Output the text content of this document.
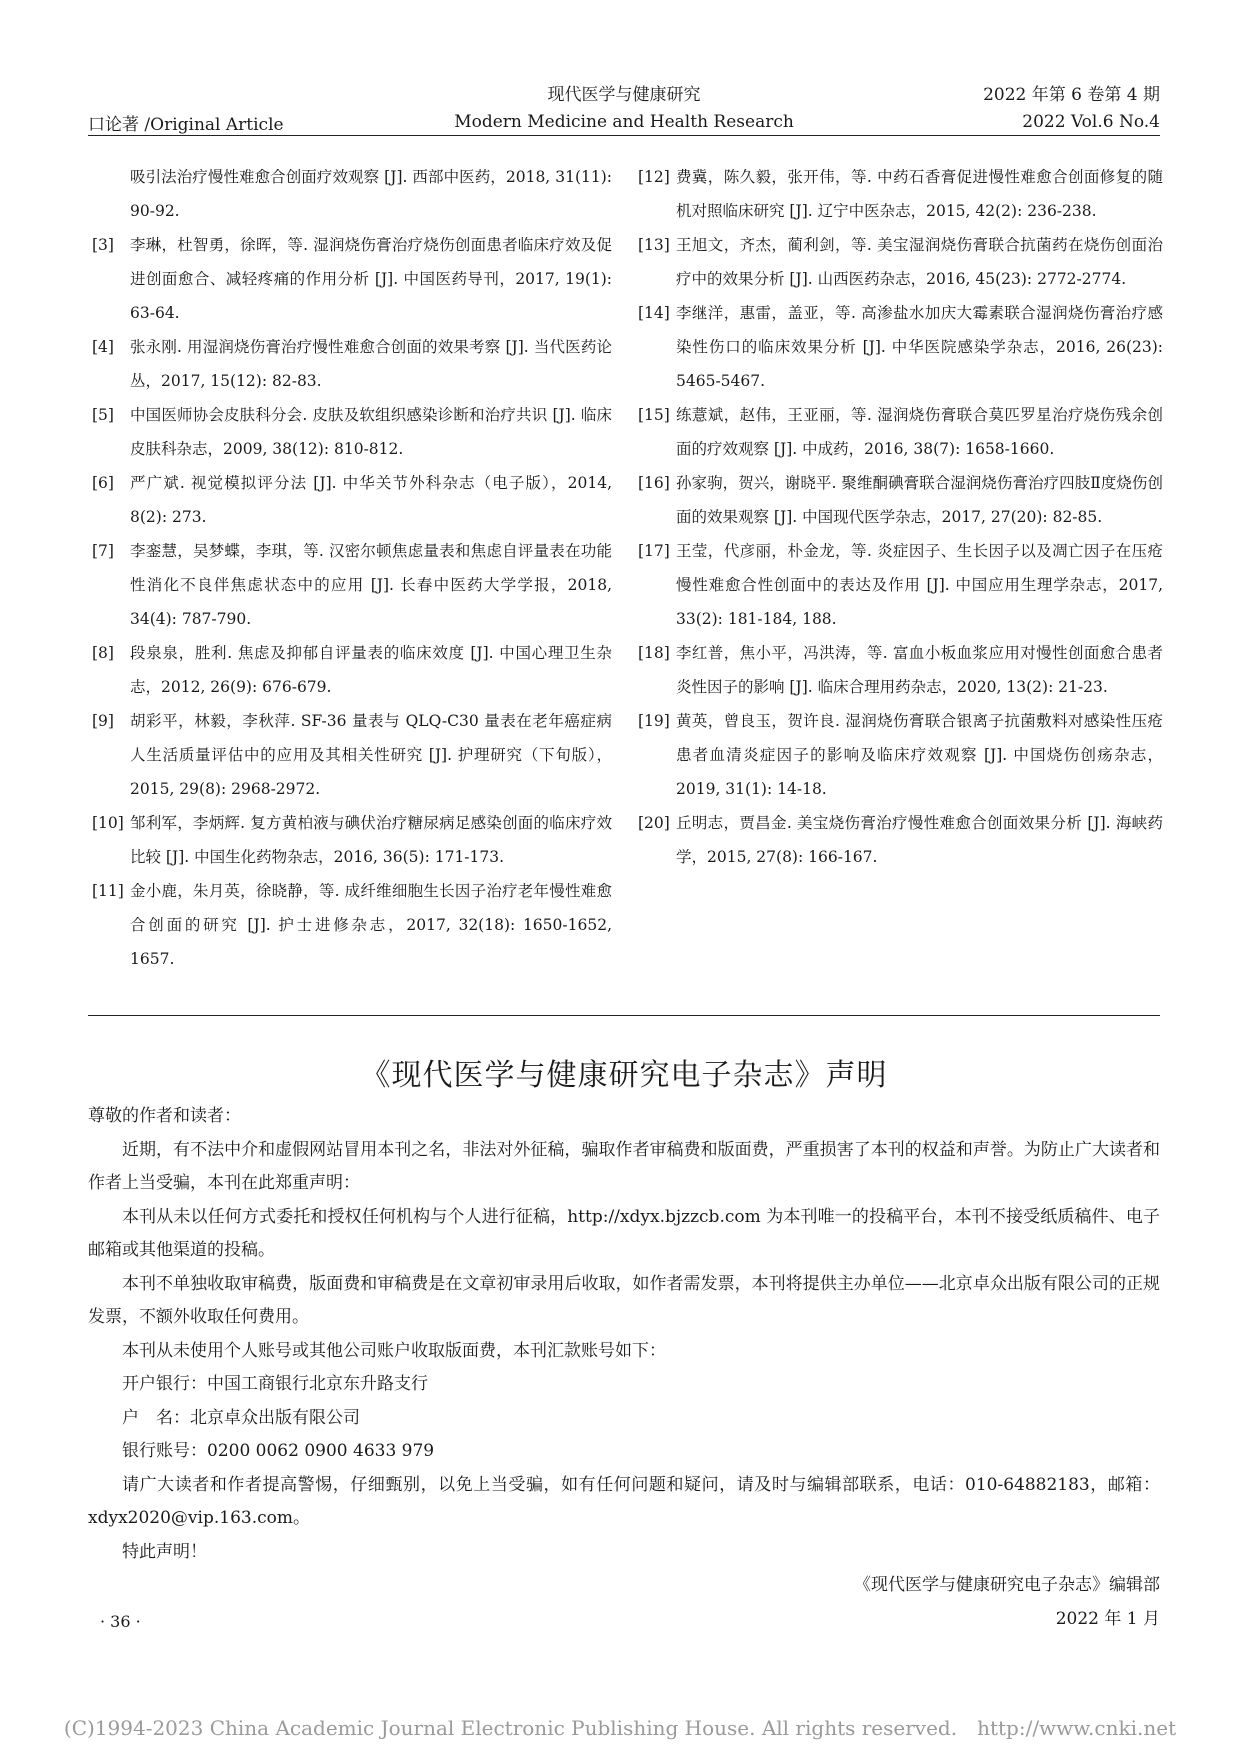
口论著 /Original Article
现代医学与健康研究
Modern Medicine and Health Research
2022 年第 6 卷第 4 期
2022 Vol.6 No.4
吸引法治疗慢性难愈合创面疗效观察 [J]. 西部中医药，2018, 31(11): 90-92.
[3]	李琳，杜智勇，徐晖，等. 湿润烧伤膏治疗烧伤创面患者临床疗效及促进创面愈合、减轻疼痛的作用分析 [J]. 中国医药导刊，2017, 19(1): 63-64.
[4]	张永刚. 用湿润烧伤膏治疗慢性难愈合创面的效果考察 [J]. 当代医药论丛，2017, 15(12): 82-83.
[5]	中国医师协会皮肤科分会. 皮肤及软组织感染诊断和治疗共识 [J]. 临床皮肤科杂志，2009, 38(12): 810-812.
[6]	严广斌. 视觉模拟评分法 [J]. 中华关节外科杂志（电子版），2014, 8(2): 273.
[7]	李銮慧，吴梦蝶，李琪，等. 汉密尔顿焦虑量表和焦虑自评量表在功能性消化不良伴焦虑状态中的应用 [J]. 长春中医药大学学报，2018, 34(4): 787-790.
[8]	段泉泉，胜利. 焦虑及抑郁自评量表的临床效度 [J]. 中国心理卫生杂志，2012, 26(9): 676-679.
[9]	胡彩平，林毅，李秋萍. SF-36 量表与 QLQ-C30 量表在老年癌症病人生活质量评估中的应用及其相关性研究 [J]. 护理研究（下旬版），2015, 29(8): 2968-2972.
[10] 邹利军，李炳辉. 复方黄柏液与碘伏治疗糖尿病足感染创面的临床疗效比较 [J]. 中国生化药物杂志，2016, 36(5): 171-173.
[11] 金小鹿，朱月英，徐晓静，等. 成纤维细胞生长因子治疗老年慢性难愈合创面的研究 [J]. 护士进修杂志，2017, 32(18): 1650-1652, 1657.
[12] 费冀，陈久毅，张开伟，等. 中药石香膏促进慢性难愈合创面修复的随机对照临床研究 [J]. 辽宁中医杂志，2015, 42(2): 236-238.
[13] 王旭文，齐杰，蔺利剑，等. 美宝湿润烧伤膏联合抗菌药在烧伤创面治疗中的效果分析 [J]. 山西医药杂志，2016, 45(23): 2772-2774.
[14] 李继洋，惠雷，盖亚，等. 高渗盐水加庆大霉素联合湿润烧伤膏治疗感染性伤口的临床效果分析 [J]. 中华医院感染学杂志，2016, 26(23): 5465-5467.
[15] 练薏斌，赵伟，王亚丽，等. 湿润烧伤膏联合莫匹罗星治疗烧伤残余创面的疗效观察 [J]. 中成药，2016, 38(7): 1658-1660.
[16] 孙家驹，贺兴，谢晓平. 聚维酮碘膏联合湿润烧伤膏治疗四肢Ⅱ度烧伤创面的效果观察 [J]. 中国现代医学杂志，2017, 27(20): 82-85.
[17] 王莹，代彦丽，朴金龙，等. 炎症因子、生长因子以及凋亡因子在压疮慢性难愈合性创面中的表达及作用 [J]. 中国应用生理学杂志，2017, 33(2): 181-184, 188.
[18] 李红普，焦小平，冯洪涛，等. 富血小板血浆应用对慢性创面愈合患者炎性因子的影响 [J]. 临床合理用药杂志，2020, 13(2): 21-23.
[19] 黄英，曾良玉，贺许良. 湿润烧伤膏联合银离子抗菌敷料对感染性压疮患者血清炎症因子的影响及临床疗效观察 [J]. 中国烧伤创疡杂志，2019, 31(1): 14-18.
[20] 丘明志，贾昌金. 美宝烧伤膏治疗慢性难愈合创面效果分析 [J]. 海峡药学，2015, 27(8): 166-167.
《现代医学与健康研究电子杂志》声明

尊敬的作者和读者：

近期，有不法中介和虚假网站冒用本刊之名，非法对外征稿，骗取作者审稿费和版面费，严重损害了本刊的权益和声誉。为防止广大读者和作者上当受骗，本刊在此郑重声明：

本刊从未以任何方式委托和授权任何机构与个人进行征稿，http://xdyx.bjzzcb.com 为本刊唯一的投稿平台，本刊不接受纸质稿件、电子邮箱或其他渠道的投稿。

本刊不单独收取审稿费，版面费和审稿费是在文章初审录用后收取，如作者需发票，本刊将提供主办单位——北京卓众出版有限公司的正规发票，不额外收取任何费用。

本刊从未使用个人账号或其他公司账户收取版面费，本刊汇款账号如下：

开户银行：中国工商银行北京东升路支行

户　名：北京卓众出版有限公司

银行账号：0200 0062 0900 4633 979

请广大读者和作者提高警惕，仔细甄别，以免上当受骗，如有任何问题和疑问，请及时与编辑部联系，电话：010-64882183，邮箱：xdyx2020@vip.163.com。

特此声明！

《现代医学与健康研究电子杂志》编辑部

2022 年 1 月

· 36 ·
(C)1994-2023 China Academic Journal Electronic Publishing House. All rights reserved.　http://www.cnki.net
